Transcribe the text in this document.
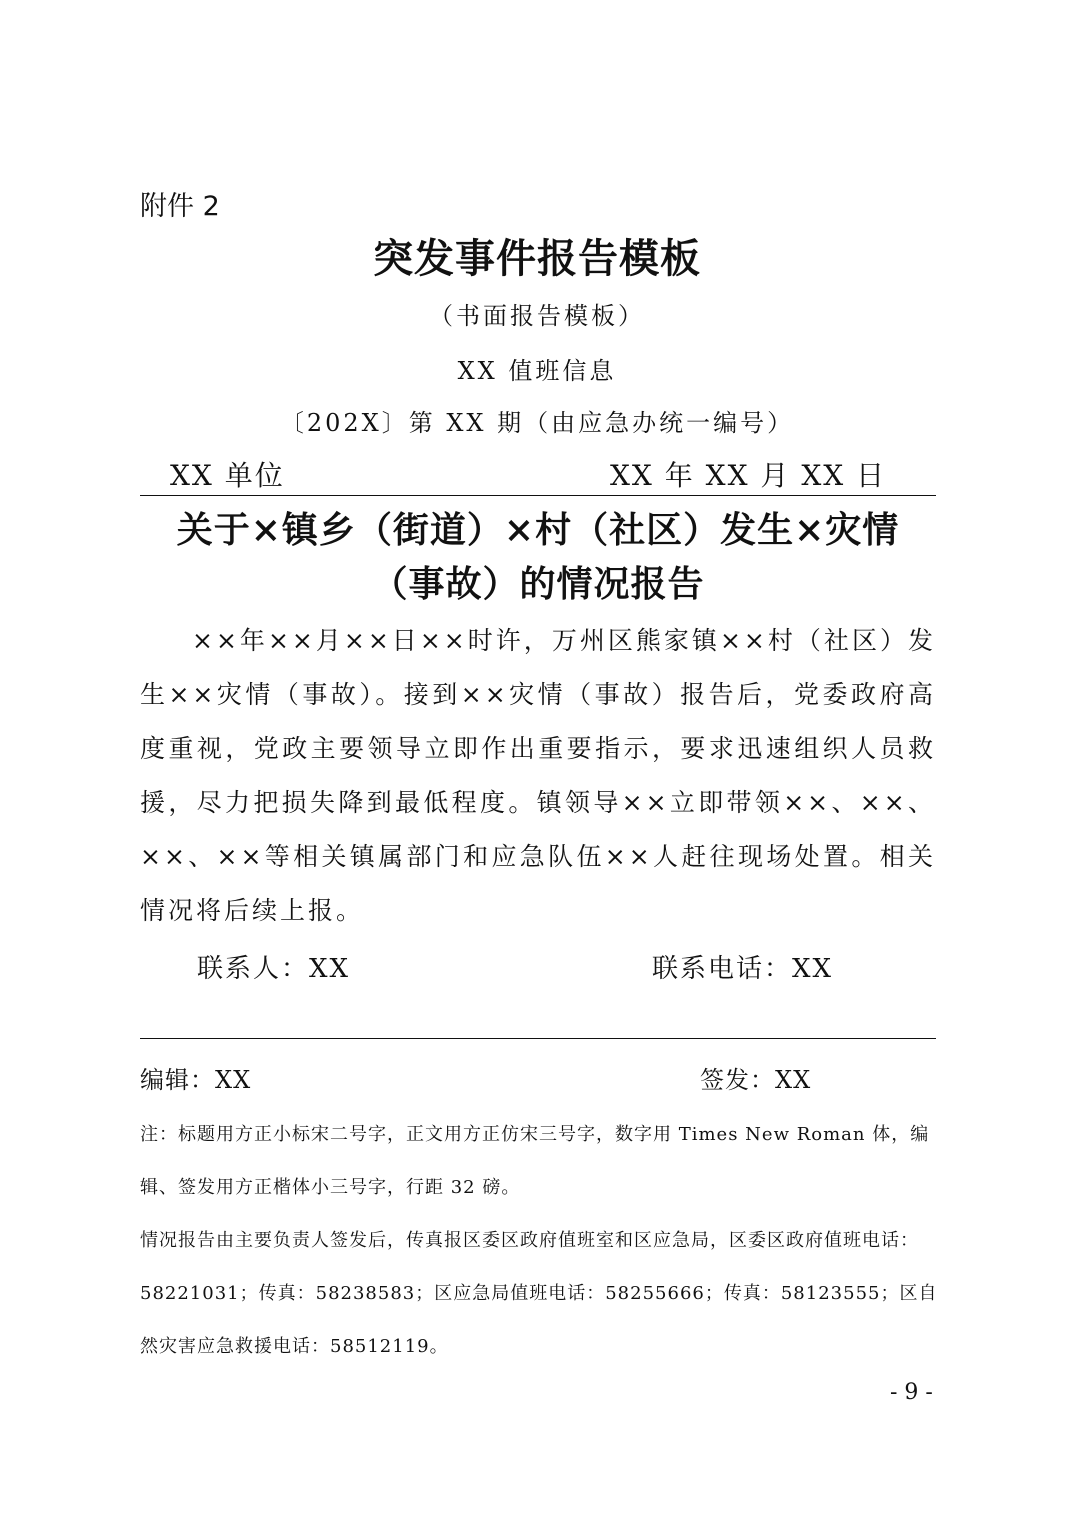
附件 2
突发事件报告模板
（书面报告模板）
XX 值班信息
〔202X〕第 XX 期（由应急办统一编号）
XX 单位	XX 年 XX 月 XX 日
关于×镇乡（街道）×村（社区）发生×灾情（事故）的情况报告
××年××月××日××时许，万州区熊家镇××村（社区）发生××灾情（事故）。接到××灾情（事故）报告后，党委政府高度重视，党政主要领导立即作出重要指示，要求迅速组织人员救援，尽力把损失降到最低程度。镇领导××立即带领××、××、××、××等相关镇属部门和应急队伍××人赶往现场处置。相关情况将后续上报。
联系人：XX	联系电话：XX
编辑：XX	签发：XX
注：标题用方正小标宋二号字，正文用方正仿宋三号字，数字用 Times New Roman 体，编辑、签发用方正楷体小三号字，行距 32 磅。
情况报告由主要负责人签发后，传真报区委区政府值班室和区应急局，区委区政府值班电话：58221031；传真：58238583；区应急局值班电话：58255666；传真：58123555；区自然灾害应急救援电话：58512119。
- 9 -
